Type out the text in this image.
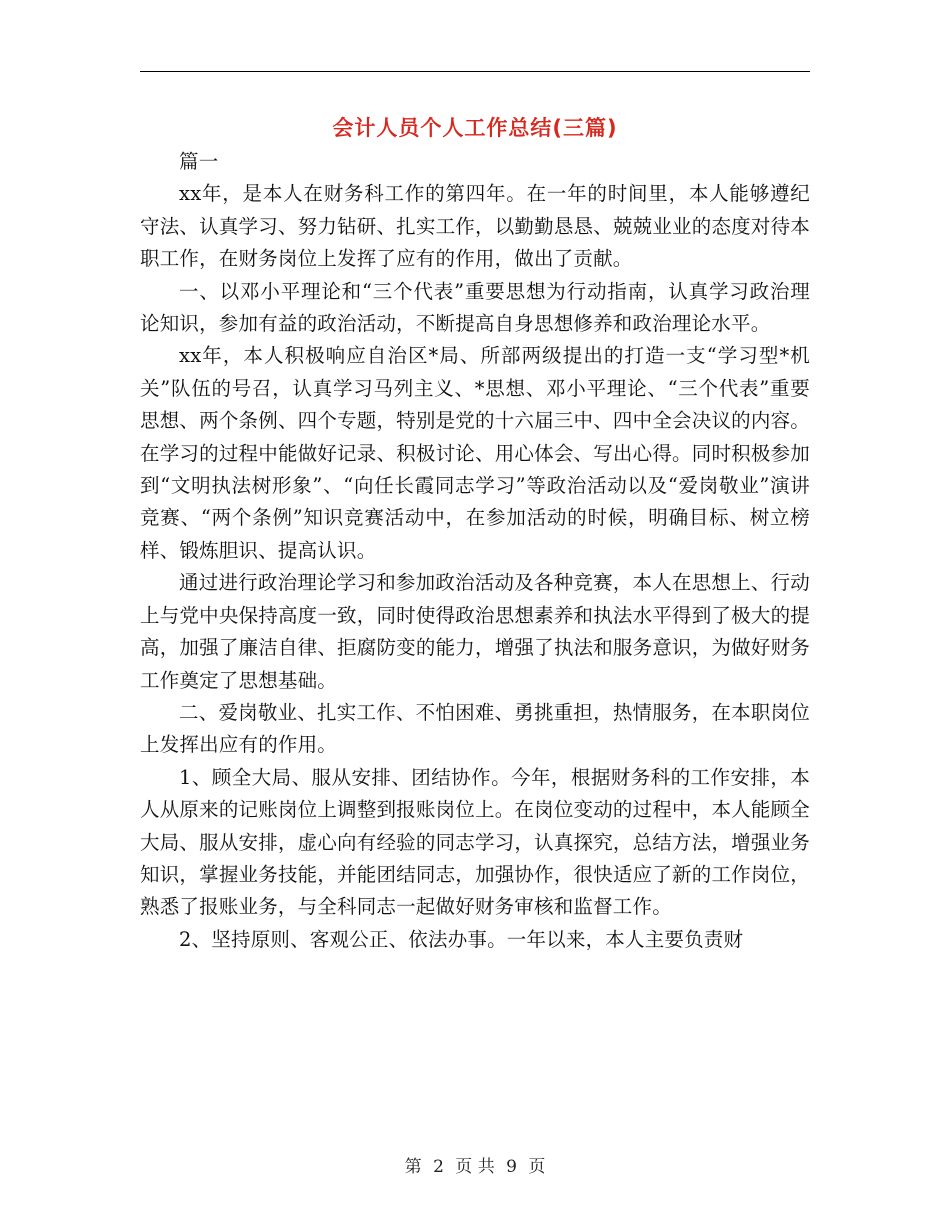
会计人员个人工作总结(三篇)

篇一

xx年，是本人在财务科工作的第四年。在一年的时间里，本人能够遵纪守法、认真学习、努力钻研、扎实工作，以勤勤恳恳、兢兢业业的态度对待本职工作，在财务岗位上发挥了应有的作用，做出了贡献。

一、以邓小平理论和“三个代表”重要思想为行动指南，认真学习政治理论知识，参加有益的政治活动，不断提高自身思想修养和政治理论水平。

xx年，本人积极响应自治区*局、所部两级提出的打造一支“学习型*机关”队伍的号召，认真学习马列主义、*思想、邓小平理论、“三个代表”重要思想、两个条例、四个专题，特别是党的十六届三中、四中全会决议的内容。在学习的过程中能做好记录、积极讨论、用心体会、写出心得。同时积极参加到“文明执法树形象”、“向任长霞同志学习”等政治活动以及“爱岗敬业”演讲竞赛、“两个条例”知识竞赛活动中，在参加活动的时候，明确目标、树立榜样、锻炼胆识、提高认识。

通过进行政治理论学习和参加政治活动及各种竞赛，本人在思想上、行动上与党中央保持高度一致，同时使得政治思想素养和执法水平得到了极大的提高，加强了廉洁自律、拒腐防变的能力，增强了执法和服务意识，为做好财务工作奠定了思想基础。

二、爱岗敬业、扎实工作、不怕困难、勇挑重担，热情服务，在本职岗位上发挥出应有的作用。

1、顾全大局、服从安排、团结协作。今年，根据财务科的工作安排，本人从原来的记账岗位上调整到报账岗位上。在岗位变动的过程中，本人能顾全大局、服从安排，虚心向有经验的同志学习，认真探究，总结方法，增强业务知识，掌握业务技能，并能团结同志，加强协作，很快适应了新的工作岗位，熟悉了报账业务，与全科同志一起做好财务审核和监督工作。

2、坚持原则、客观公正、依法办事。一年以来，本人主要负责财

第 2 页 共 9 页
